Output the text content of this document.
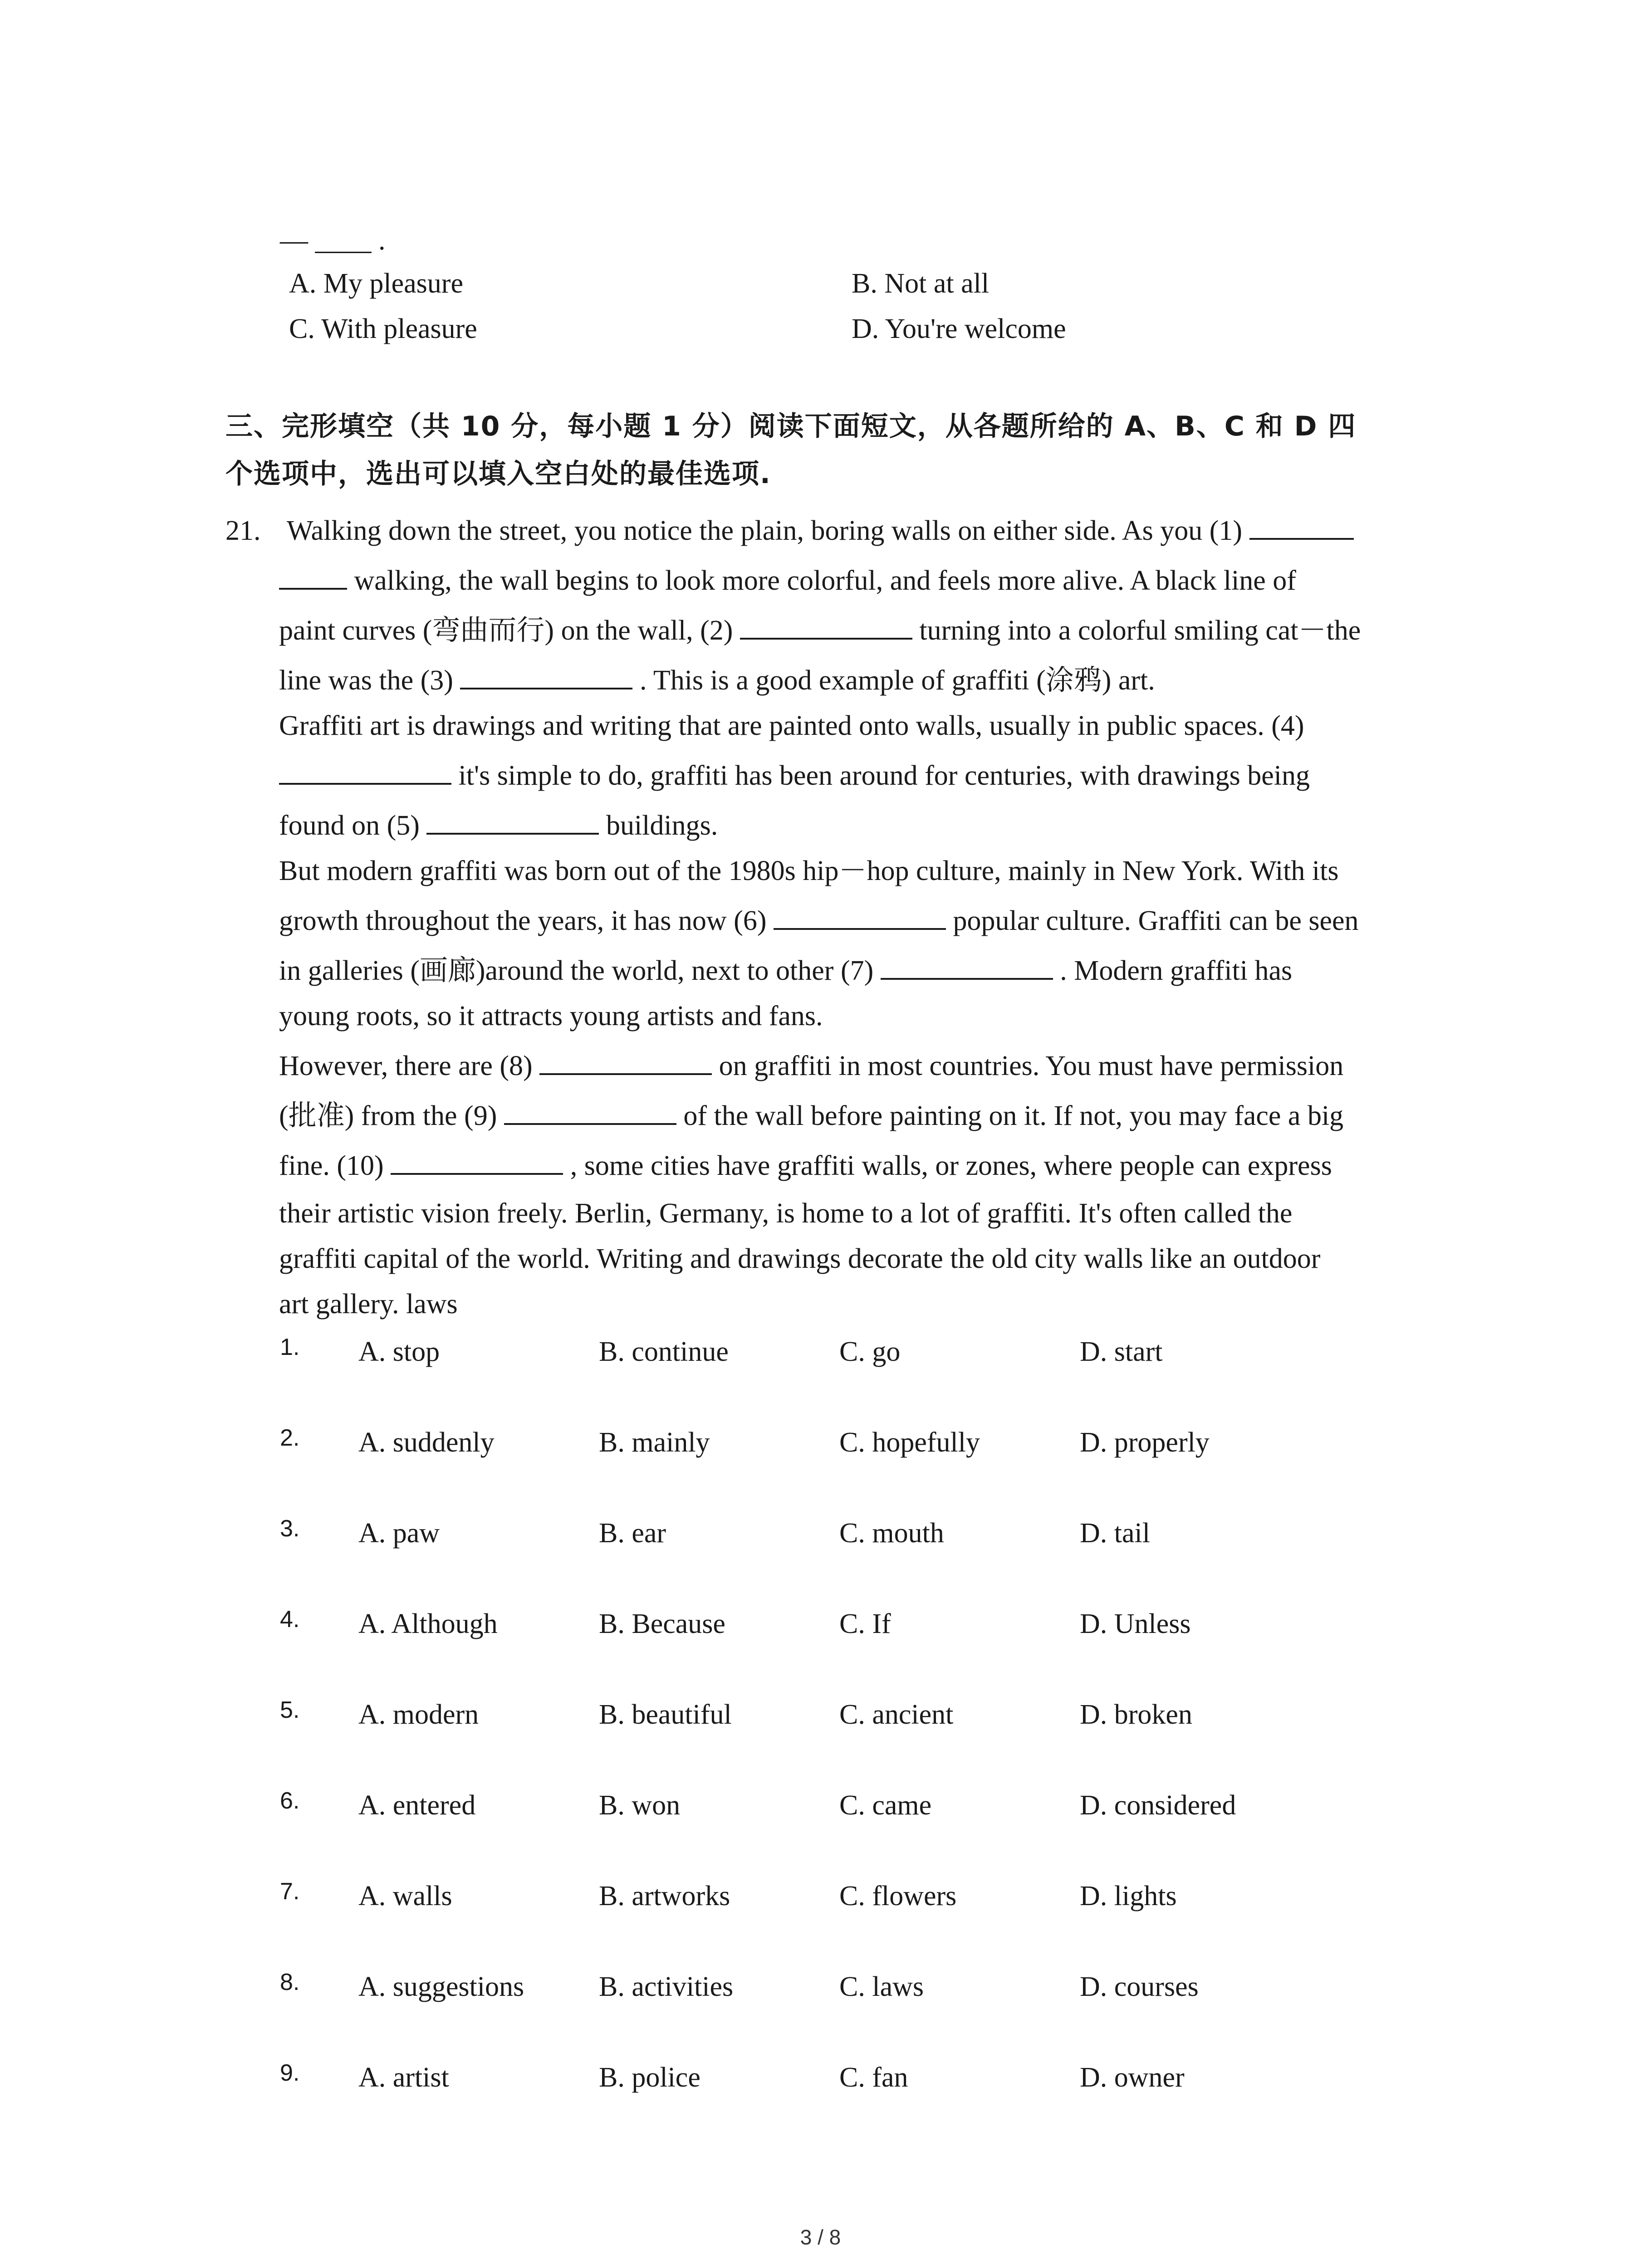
— ____ .
A. My pleasure	B. Not at all
C. With pleasure	D. You're welcome
三、完形填空（共 10 分，每小题 1 分）阅读下面短文，从各题所给的 A、B、C 和 D 四
个选项中，选出可以填入空白处的最佳选项.
21. Walking down the street, you notice the plain, boring walls on either side. As you (1)
walking, the wall begins to look more colorful, and feels more alive. A black line of
paint curves (弯曲而行) on the wall, (2)	turning into a colorful smiling cat－the
line was the (3)	. This is a good example of graffiti (涂鸦) art.
Graffiti art is drawings and writing that are painted onto walls, usually in public spaces. (4)
it's simple to do, graffiti has been around for centuries, with drawings being
found on (5)	buildings.
But modern graffiti was born out of the 1980s hip－hop culture, mainly in New York. With its
growth throughout the years, it has now (6)	popular culture. Graffiti can be seen
in galleries (画廊)around the world, next to other (7)	. Modern graffiti has
young roots, so it attracts young artists and fans.
However, there are (8)	on graffiti in most countries. You must have permission
(批准) from the (9)	of the wall before painting on it. If not, you may face a big
fine. (10)	, some cities have graffiti walls, or zones, where people can express
their artistic vision freely. Berlin, Germany, is home to a lot of graffiti. It's often called the
graffiti capital of the world. Writing and drawings decorate the old city walls like an outdoor
art gallery. laws
1. A. stop	B. continue	C. go	D. start
2. A. suddenly	B. mainly	C. hopefully	D. properly
3. A. paw	B. ear	C. mouth	D. tail
4. A. Although	B. Because	C. If	D. Unless
5. A. modern	B. beautiful	C. ancient	D. broken
6. A. entered	B. won	C. came	D. considered
7. A. walls	B. artworks	C. flowers	D. lights
8. A. suggestions	B. activities	C. laws	D. courses
9. A. artist	B. police	C. fan	D. owner
3 / 8
